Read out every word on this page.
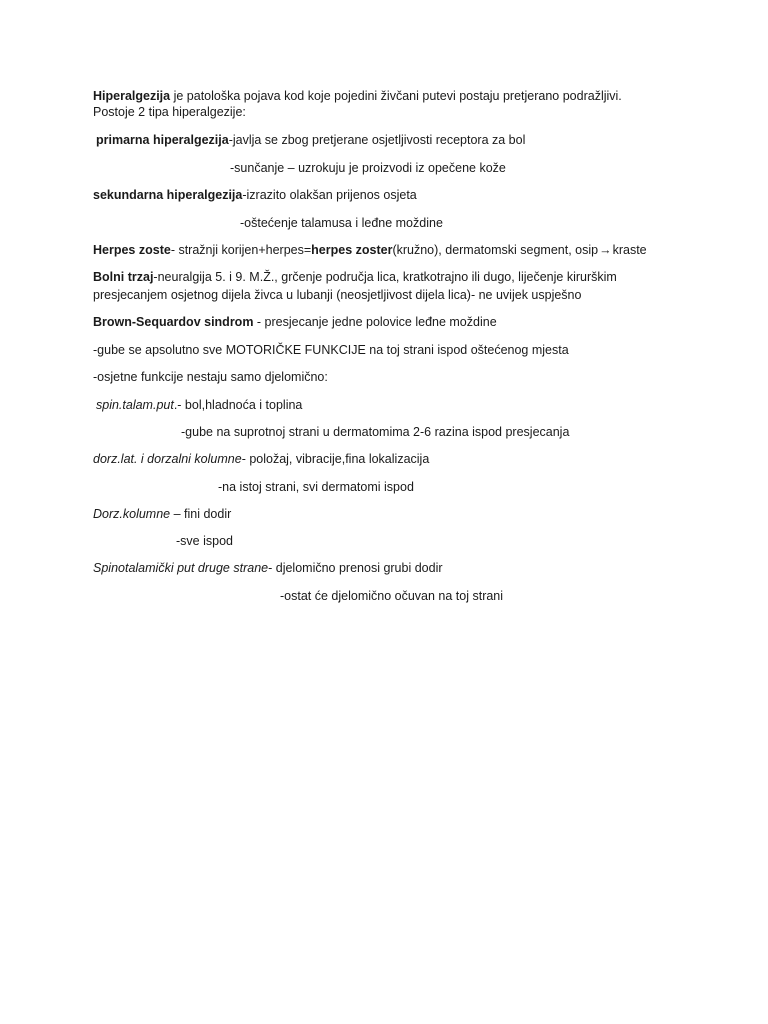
Hiperalgezija je patološka pojava kod koje pojedini živčani putevi postaju pretjerano podražljivi.
Postoje 2 tipa hiperalgezije:
primarna hiperalgezija-javlja se zbog pretjerane osjetljivosti receptora za bol
-sunčanje – uzrokuju je proizvodi iz opečene kože
sekundarna hiperalgezija-izrazito olakšan prijenos osjeta
-oštećenje talamusa i leđne moždine
Herpes zoste- stražnji korijen+herpes=herpes zoster(kružno), dermatomski segment, osip→kraste
Bolni trzaj-neuralgija 5. i 9. M.Ž., grčenje područja lica, kratkotrajno ili dugo, liječenje kirurškim
presjecanjem osjetnog dijela živca u lubanji (neosjetljivost dijela lica)- ne uvijek uspješno
Brown-Sequardov sindrom - presjecanje jedne polovice leđne moždine
-gube se apsolutno sve MOTORIČKE FUNKCIJE na toj strani ispod oštećenog mjesta
-osjetne funkcije nestaju samo djelomično:
spin.talam.put.- bol,hladnoća i toplina
-gube na suprotnoj strani u dermatomima 2-6 razina ispod presjecanja
dorz.lat. i dorzalni kolumne- položaj, vibracije,fina lokalizacija
-na istoj strani, svi dermatomi ispod
Dorz.kolumne – fini dodir
-sve ispod
Spinotalamički put druge strane- djelomično prenosi grubi dodir
-ostat će djelomično očuvan na toj strani
